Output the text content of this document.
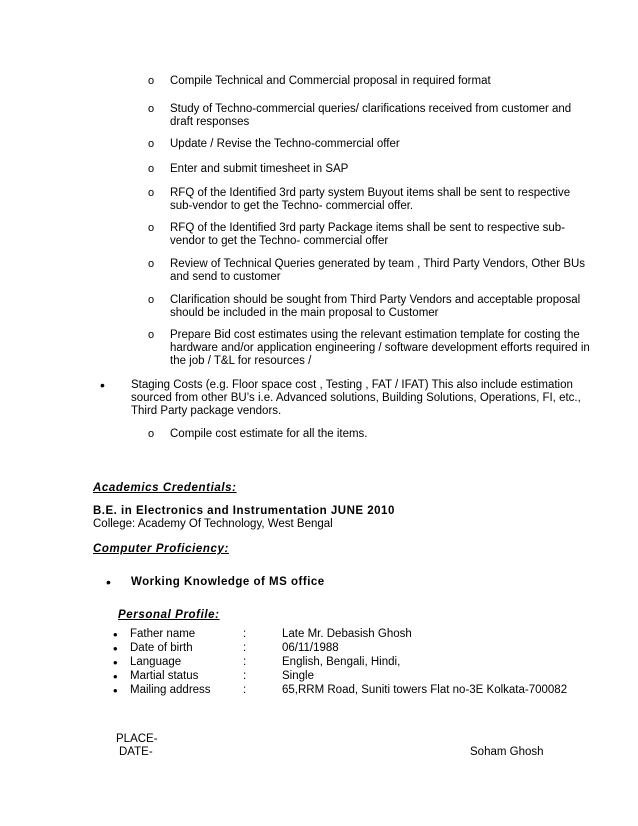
o Compile Technical and Commercial proposal in required format
o Study of Techno-commercial queries/ clarifications received from customer and draft responses
o Update / Revise the Techno-commercial offer
o Enter and submit timesheet in SAP
o RFQ of the Identified 3rd party system Buyout items shall be sent to respective sub-vendor to get the Techno- commercial offer.
o RFQ of the Identified 3rd party Package items shall be sent to respective sub-vendor to get the Techno- commercial offer
o Review of Technical Queries generated by team , Third Party Vendors, Other BUs and send to customer
o Clarification should be sought from Third Party Vendors and acceptable proposal should be included in the main proposal to Customer
o Prepare Bid cost estimates using the relevant estimation template for costing the hardware and/or application engineering / software development efforts required in the job / T&L for resources /
• Staging Costs (e.g. Floor space cost , Testing , FAT / IFAT) This also include estimation sourced from other BU’s i.e. Advanced solutions, Building Solutions, Operations, FI, etc., Third Party package vendors.
o Compile cost estimate for all the items.
Academics Credentials:
B.E. in Electronics and Instrumentation JUNE 2010
College: Academy Of Technology, West Bengal
Computer Proficiency:
• Working Knowledge of MS office
Personal Profile:
• Father name	:	Late Mr. Debasish Ghosh
• Date of birth	:	06/11/1988
• Language	:	English, Bengali, Hindi,
• Martial status	:	Single
• Mailing address	:	65,RRM Road, Suniti towers Flat no-3E Kolkata-700082
PLACE-
DATE-	Soham Ghosh
